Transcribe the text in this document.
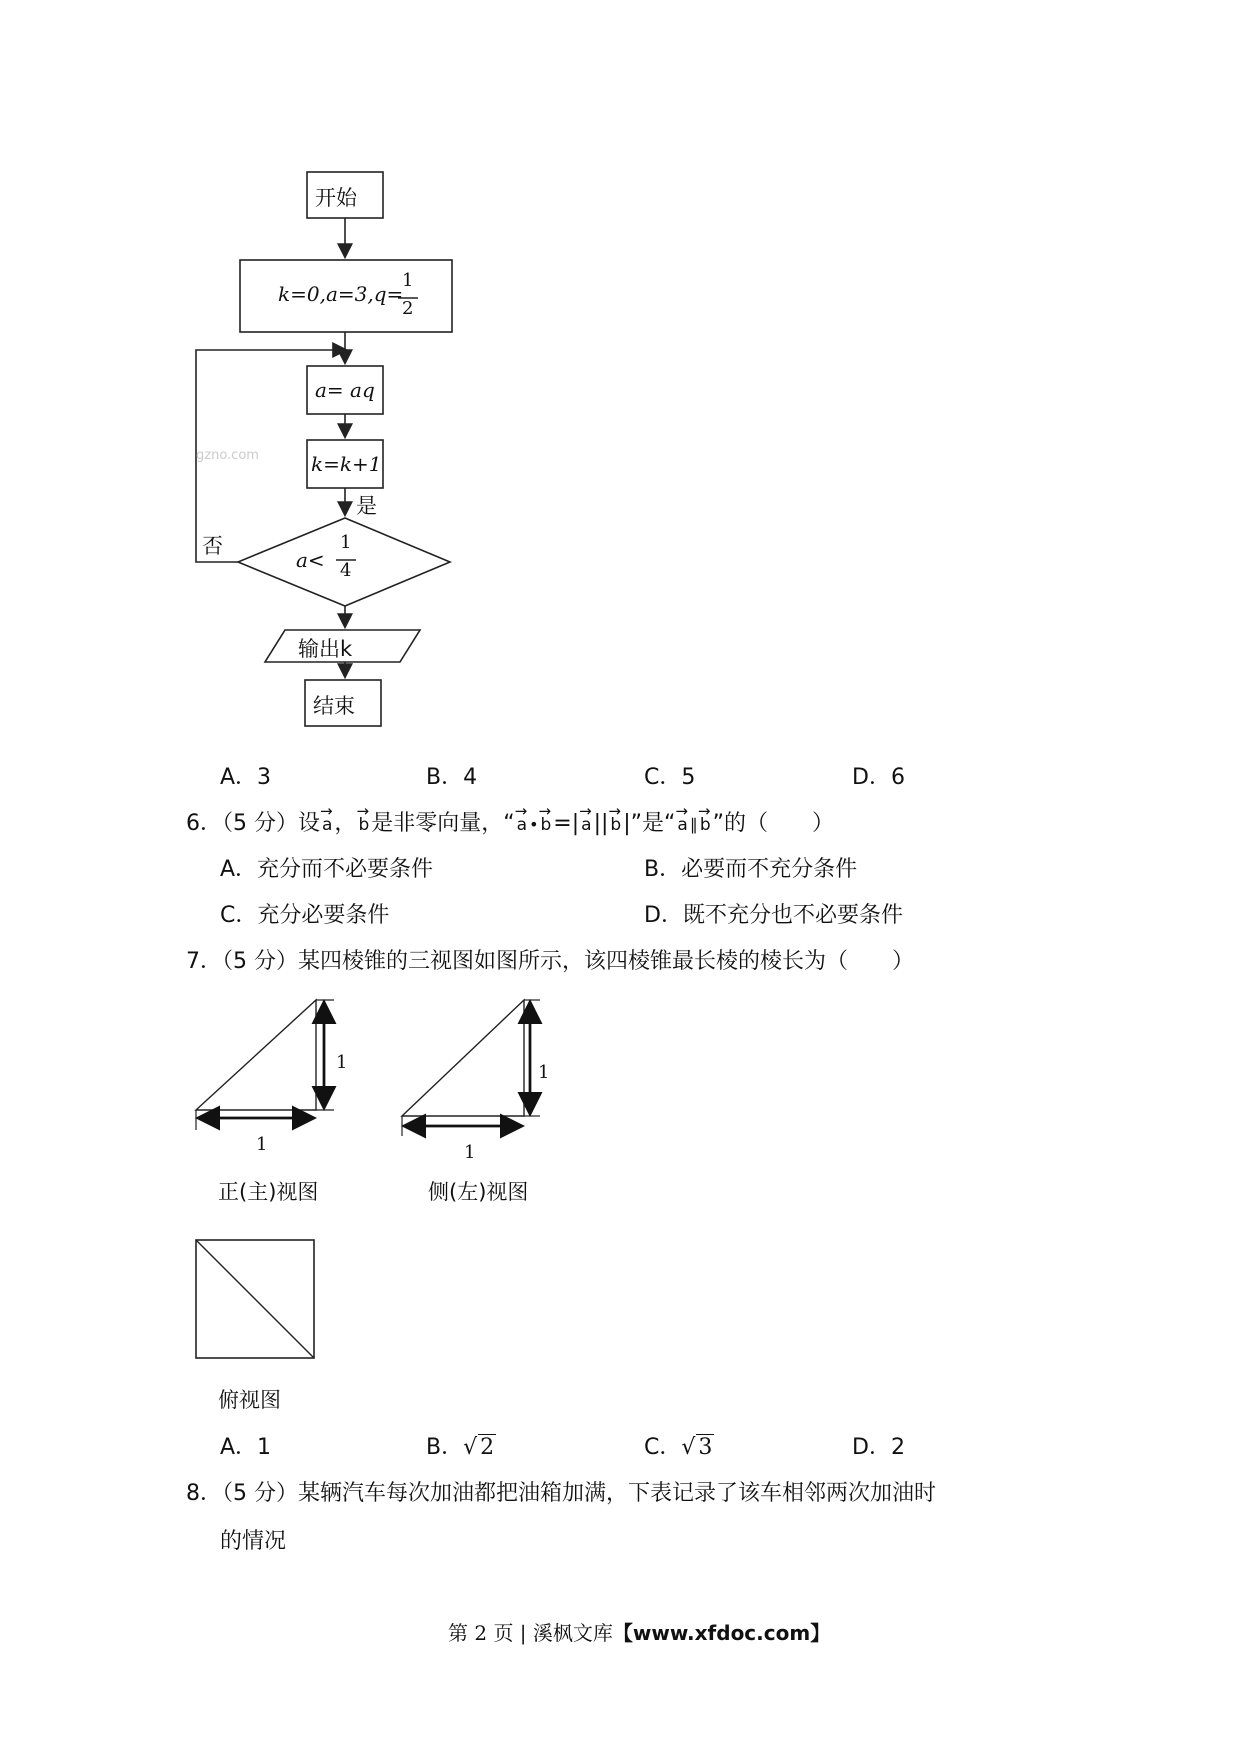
开始
k=0,a=3,q=
1
2
a= aq
k=k+1
gzno.com
是
否
a<
1
4
输出k
结束
A．3	B．4	C．5	D．6
6．（5 分）设 → a， → b是非零向量，“ → a • → b=| → a|| → b|”是“ → a ∥ → b”的（　　）
A．充分而不必要条件	B．必要而不充分条件
C．充分必要条件	D．既不充分也不必要条件
7．（5 分）某四棱锥的三视图如图所示，该四棱锥最长棱的棱长为（　　）
1
1
1
1
正(主)视图	侧(左)视图
俯视图
A．1	B．√ 2	C．√ 3	D．2
8．（5 分）某辆汽车每次加油都把油箱加满，下表记录了该车相邻两次加油时
的情况
第 2 页 | 溪枫文库【www.xfdoc.com】
